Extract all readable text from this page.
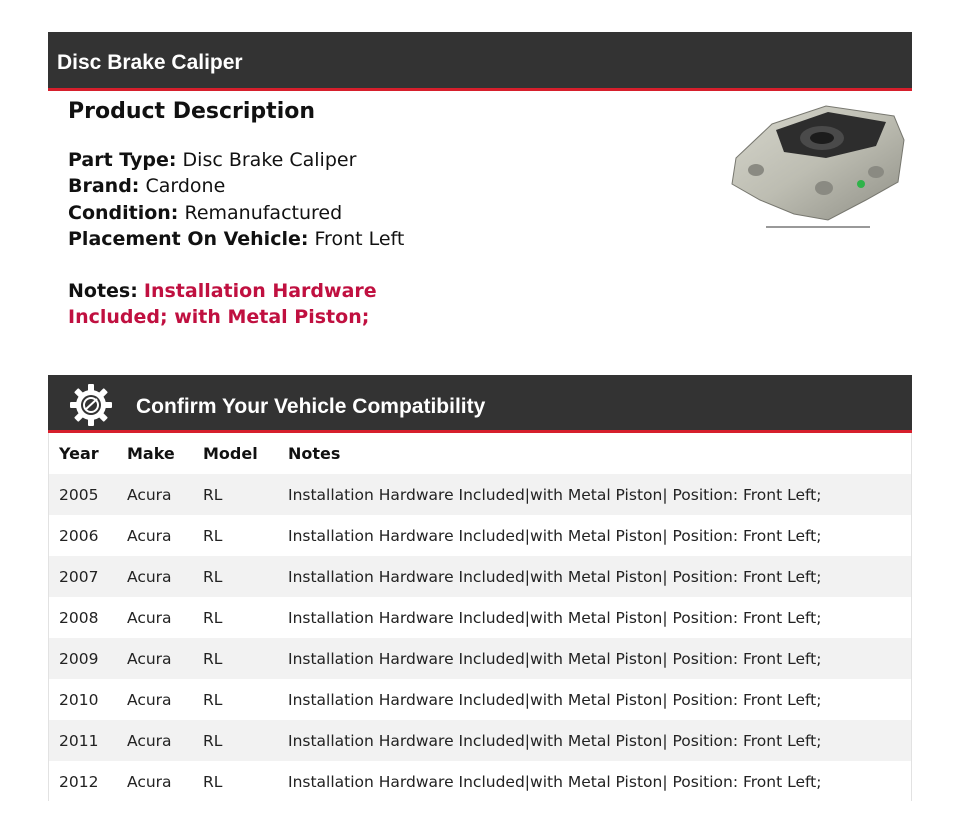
Disc Brake Caliper
Product Description
Part Type: Disc Brake Caliper
Brand: Cardone
Condition: Remanufactured
Placement On Vehicle: Front Left
Notes: Installation Hardware Included; with Metal Piston;
Confirm Your Vehicle Compatibility
Year	Make	Model	Notes
2005	Acura	RL	Installation Hardware Included|with Metal Piston| Position: Front Left;
2006	Acura	RL	Installation Hardware Included|with Metal Piston| Position: Front Left;
2007	Acura	RL	Installation Hardware Included|with Metal Piston| Position: Front Left;
2008	Acura	RL	Installation Hardware Included|with Metal Piston| Position: Front Left;
2009	Acura	RL	Installation Hardware Included|with Metal Piston| Position: Front Left;
2010	Acura	RL	Installation Hardware Included|with Metal Piston| Position: Front Left;
2011	Acura	RL	Installation Hardware Included|with Metal Piston| Position: Front Left;
2012	Acura	RL	Installation Hardware Included|with Metal Piston| Position: Front Left;
